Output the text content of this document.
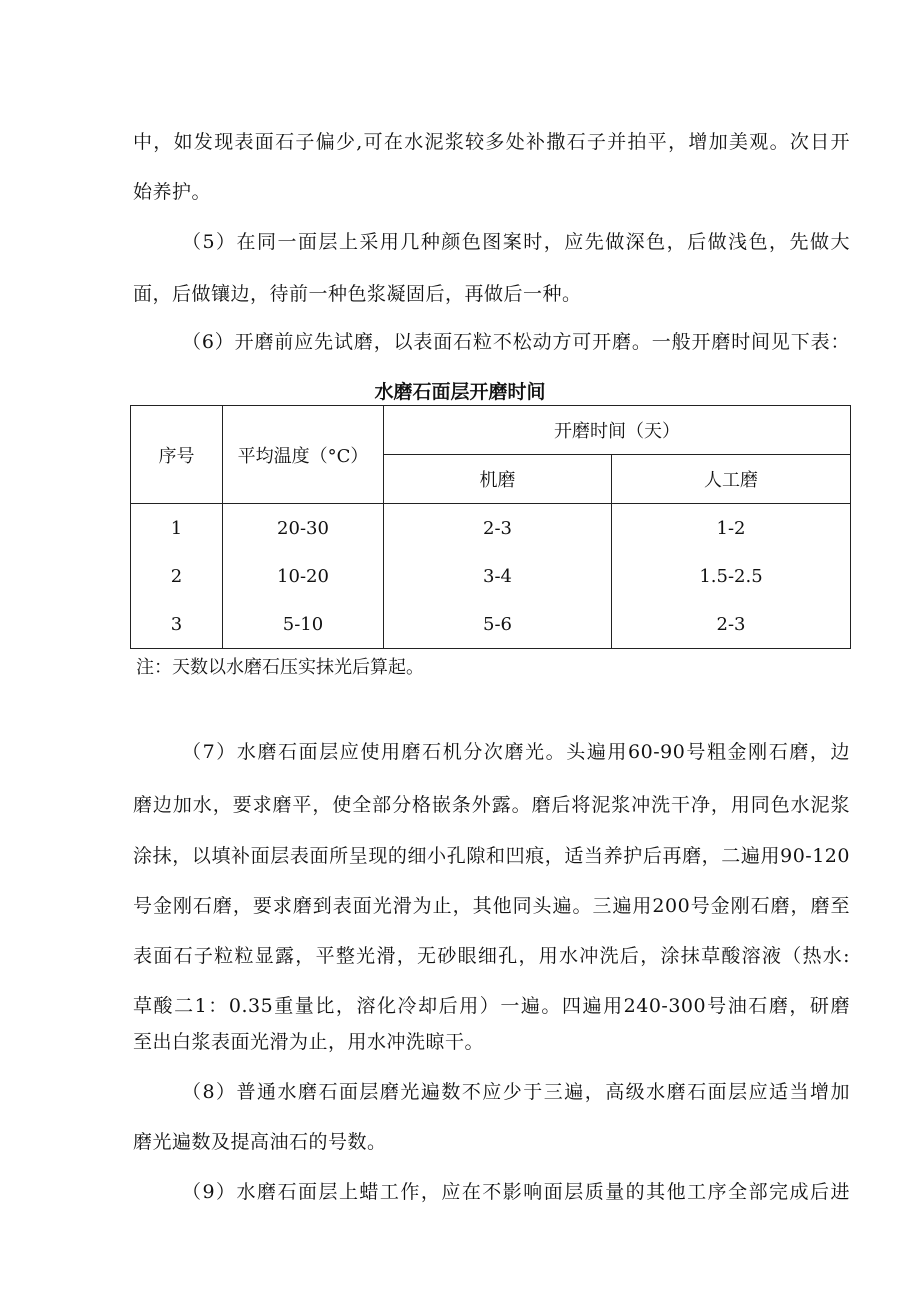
中，如发现表面石子偏少,可在水泥浆较多处补撒石子并拍平，增加美观。次日开
始养护。
（5）在同一面层上采用几种颜色图案时，应先做深色，后做浅色，先做大
面，后做镶边，待前一种色浆凝固后，再做后一种。
（6）开磨前应先试磨，以表面石粒不松动方可开磨。一般开磨时间见下表：
水磨石面层开磨时间
序号	平均温度（°C）	开磨时间（天）	
		机磨	人工磨
1	20-30	2-3	1-2
2	10-20	3-4	1.5-2.5
3	5-10	5-6	2-3
注：天数以水磨石压实抹光后算起。
（7）水磨石面层应使用磨石机分次磨光。头遍用60-90号粗金刚石磨，边
磨边加水，要求磨平，使全部分格嵌条外露。磨后将泥浆冲洗干净，用同色水泥浆
涂抹，以填补面层表面所呈现的细小孔隙和凹痕，适当养护后再磨，二遍用90-120
号金刚石磨，要求磨到表面光滑为止，其他同头遍。三遍用200号金刚石磨，磨至
表面石子粒粒显露，平整光滑，无砂眼细孔，用水冲洗后，涂抹草酸溶液（热水:
草酸二1：0.35重量比，溶化冷却后用）一遍。四遍用240-300号油石磨，研磨
至出白浆表面光滑为止，用水冲洗晾干。
（8）普通水磨石面层磨光遍数不应少于三遍，高级水磨石面层应适当增加
磨光遍数及提高油石的号数。
（9）水磨石面层上蜡工作，应在不影响面层质量的其他工序全部完成后进
